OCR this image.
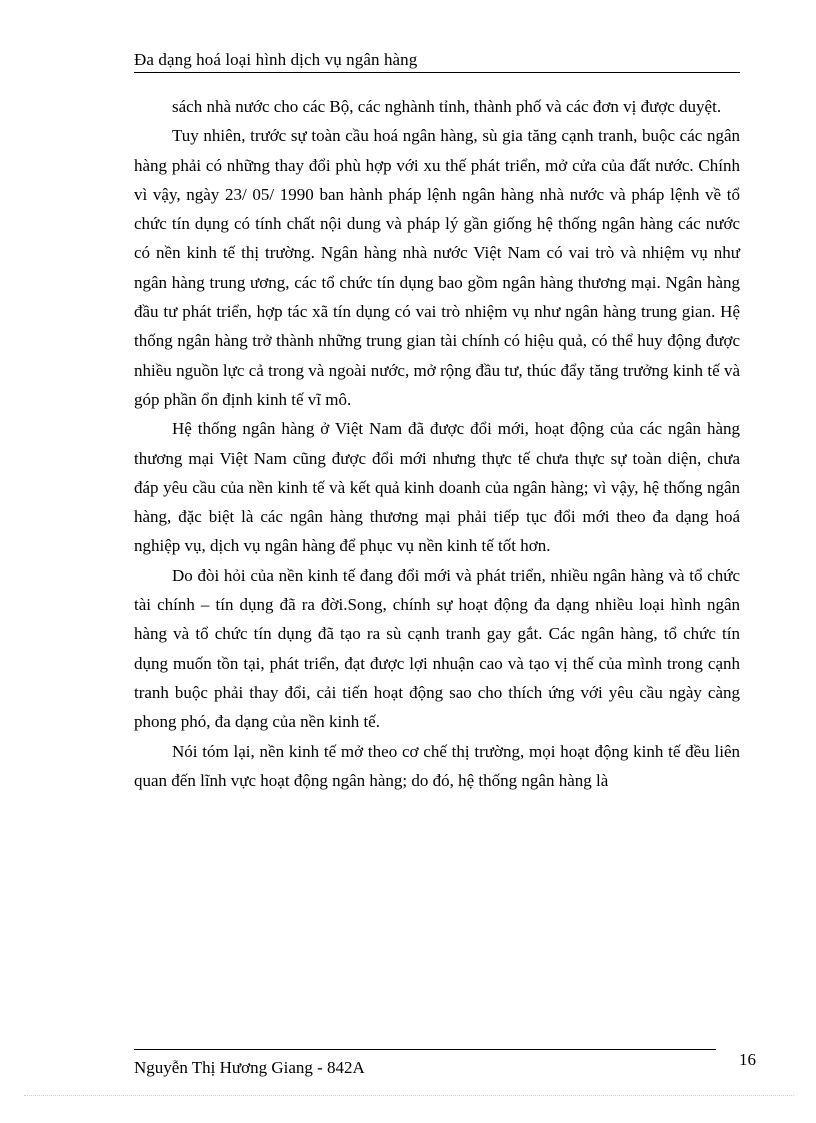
Đa dạng hoá loại hình dịch vụ ngân hàng

sách nhà nước cho các Bộ, các nghành tỉnh, thành phố và các đơn vị được duyệt.

Tuy nhiên, trước sự toàn cầu hoá ngân hàng, sù gia tăng cạnh tranh, buộc các ngân hàng phải có những thay đổi phù hợp với xu thế phát triển, mở cửa của đất nước. Chính vì vậy, ngày 23/ 05/ 1990 ban hành pháp lệnh ngân hàng nhà nước và pháp lệnh về tổ chức tín dụng có tính chất nội dung và pháp lý gần giống hệ thống ngân hàng các nước có nền kinh tế thị trường. Ngân hàng nhà nước Việt Nam có vai trò và nhiệm vụ như ngân hàng trung ương, các tổ chức tín dụng bao gồm ngân hàng thương mại. Ngân hàng đầu tư phát triển, hợp tác xã tín dụng có vai trò nhiệm vụ như ngân hàng trung gian. Hệ thống ngân hàng trở thành những trung gian tài chính có hiệu quả, có thể huy động được nhiều nguồn lực cả trong và ngoài nước, mở rộng đầu tư, thúc đẩy tăng trưởng kinh tế và góp phần ổn định kinh tế vĩ mô.

Hệ thống ngân hàng ở Việt Nam đã được đổi mới, hoạt động của các ngân hàng thương mại Việt Nam cũng được đổi mới nhưng thực tế chưa thực sự toàn diện, chưa đáp yêu cầu của nền kinh tế và kết quả kinh doanh của ngân hàng; vì vậy, hệ thống ngân hàng, đặc biệt là các ngân hàng thương mại phải tiếp tục đổi mới theo đa dạng hoá nghiệp vụ, dịch vụ ngân hàng để phục vụ nền kinh tế tốt hơn.

Do đòi hỏi của nền kinh tế đang đổi mới và phát triển, nhiều ngân hàng và tổ chức tài chính – tín dụng đã ra đời.Song, chính sự hoạt động đa dạng nhiều loại hình ngân hàng và tổ chức tín dụng đã tạo ra sù cạnh tranh gay gắt. Các ngân hàng, tổ chức tín dụng muốn tồn tại, phát triển, đạt được lợi nhuận cao và tạo vị thế của mình trong cạnh tranh buộc phải thay đổi, cải tiến hoạt động sao cho thích ứng với yêu cầu ngày càng phong phó, đa dạng của nền kinh tế.

Nói tóm lại, nền kinh tế mở theo cơ chế thị trường, mọi hoạt động kinh tế đều liên quan đến lĩnh vực hoạt động ngân hàng; do đó, hệ thống ngân hàng là

Nguyễn Thị Hương Giang - 842A	16
